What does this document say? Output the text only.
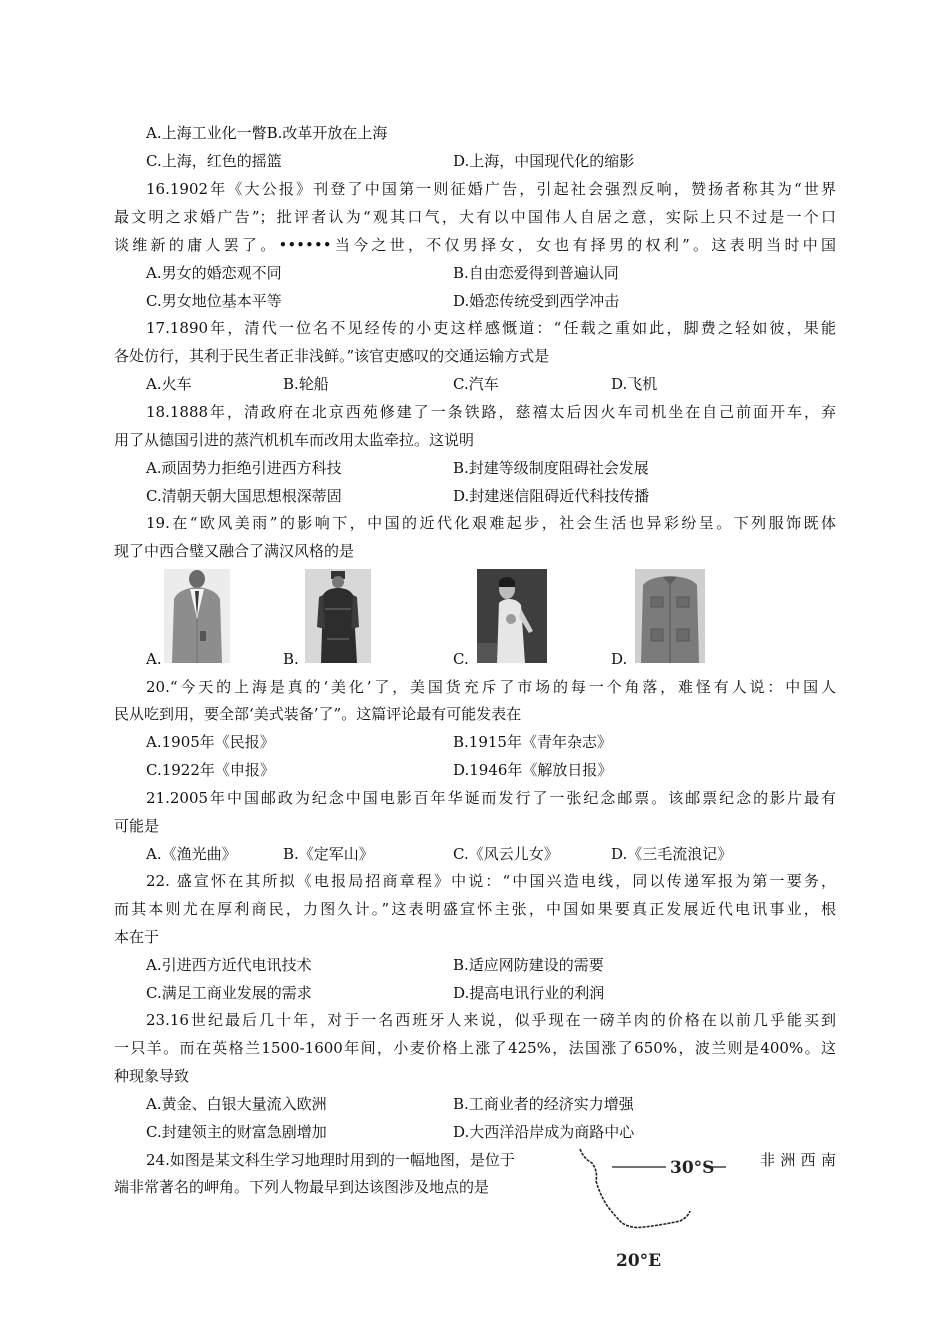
A.上海工业化一瞥B.改革开放在上海
C.上海，红色的摇篮	D.上海，中国现代化的缩影
16.1902年《大公报》刊登了中国第一则征婚广告，引起社会强烈反响，赞扬者称其为“世界
最文明之求婚广告”；批评者认为“观其口气，大有以中国伟人自居之意，实际上只不过是一个口
谈维新的庸人罢了。••••••当今之世，不仅男择女，女也有择男的权利”。这表明当时中国
A.男女的婚恋观不同	B.自由恋爱得到普遍认同
C.男女地位基本平等	D.婚恋传统受到西学冲击
17.1890年，清代一位名不见经传的小吏这样感慨道：“任载之重如此，脚费之轻如彼，果能
各处仿行，其利于民生者正非浅鲜。”该官吏感叹的交通运输方式是
A.火车	B.轮船	C.汽车	D.飞机
18.1888年，清政府在北京西苑修建了一条铁路，慈禧太后因火车司机坐在自己前面开车，弃
用了从德国引进的蒸汽机机车而改用太监牵拉。这说明
A.顽固势力拒绝引进西方科技	B.封建等级制度阻碍社会发展
C.清朝天朝大国思想根深蒂固	D.封建迷信阻碍近代科技传播
19.在“欧风美雨”的影响下，中国的近代化艰难起步，社会生活也异彩纷呈。下列服饰既体
现了中西合璧又融合了满汉风格的是
A.	B.	C.	D.
20.“今天的上海是真的‘美化’了，美国货充斥了市场的每一个角落，难怪有人说：中国人
民从吃到用，要全部‘美式装备’了”。这篇评论最有可能发表在
A.1905年《民报》	B.1915年《青年杂志》
C.1922年《申报》	D.1946年《解放日报》
21.2005年中国邮政为纪念中国电影百年华诞而发行了一张纪念邮票。该邮票纪念的影片最有
可能是
A.《渔光曲》	B.《定军山》	C.《风云儿女》	D.《三毛流浪记》
22. 盛宣怀在其所拟《电报局招商章程》中说：“中国兴造电线，同以传递军报为第一要务，
而其本则尤在厚利商民，力图久计。”这表明盛宣怀主张，中国如果要真正发展近代电讯事业，根
本在于
A.引进西方近代电讯技术	B.适应网防建设的需要
C.满足工商业发展的需求	D.提高电讯行业的利润
23.16世纪最后几十年，对于一名西班牙人来说，似乎现在一磅羊肉的价格在以前几乎能买到
一只羊。而在英格兰1500-1600年间，小麦价格上涨了425%，法国涨了650%，波兰则是400%。这
种现象导致
A.黄金、白银大量流入欧洲	B.工商业者的经济实力增强
C.封建领主的财富急剧增加	D.大西洋沿岸成为商路中心
24.如图是某文科生学习地理时用到的一幅地图，是位于	非 洲 西 南
端非常著名的岬角。下列人物最早到达该图涉及地点的是
30°S
20°E
